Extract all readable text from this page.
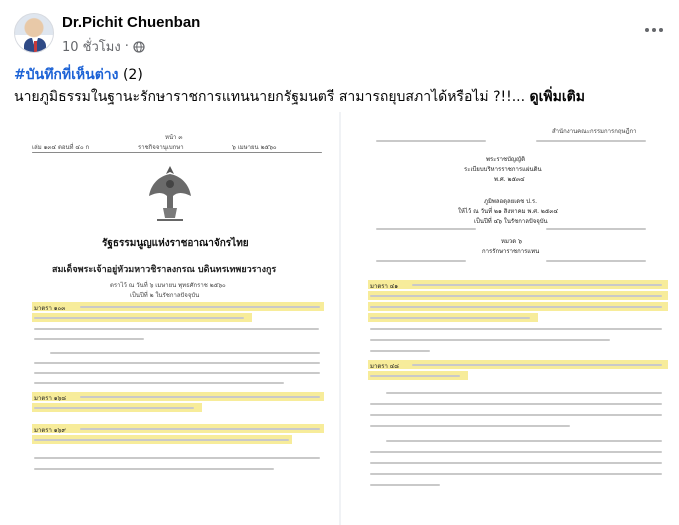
Dr.Pichit Chuenban
10 ชั่วโมง ·
#บันทึกที่เห็นต่าง (2)
นายภูมิธรรมในฐานะรักษาราชการแทนนายกรัฐมนตรี สามารถยุบสภาได้หรือไม่ ?!!... ดูเพิ่มเติม
หน้า ๓
เล่ม ๑๓๔ ตอนที่ ๔๐ ก	ราชกิจจานุเบกษา	๖ เมษายน ๒๕๖๐
รัฐธรรมนูญแห่งราชอาณาจักรไทย
สมเด็จพระเจ้าอยู่หัวมหาวชิราลงกรณ บดินทรเทพยวรางกูร
ตราไว้ ณ วันที่ ๖ เมษายน พุทธศักราช ๒๕๖๐
เป็นปีที่ ๒ ในรัชกาลปัจจุบัน
มาตรา ๑๐๓
มาตรา ๑๖๘
มาตรา ๑๖๙
สำนักงานคณะกรรมการกฤษฎีกา
พระราชบัญญัติ
ระเบียบบริหารราชการแผ่นดิน
พ.ศ. ๒๕๓๔
ภูมิพลอดุลยเดช ป.ร.
ให้ไว้ ณ วันที่ ๒๑ สิงหาคม พ.ศ. ๒๕๓๔
เป็นปีที่ ๔๖ ในรัชกาลปัจจุบัน
หมวด ๖
การรักษาราชการแทน
มาตรา ๔๑
มาตรา ๔๘
